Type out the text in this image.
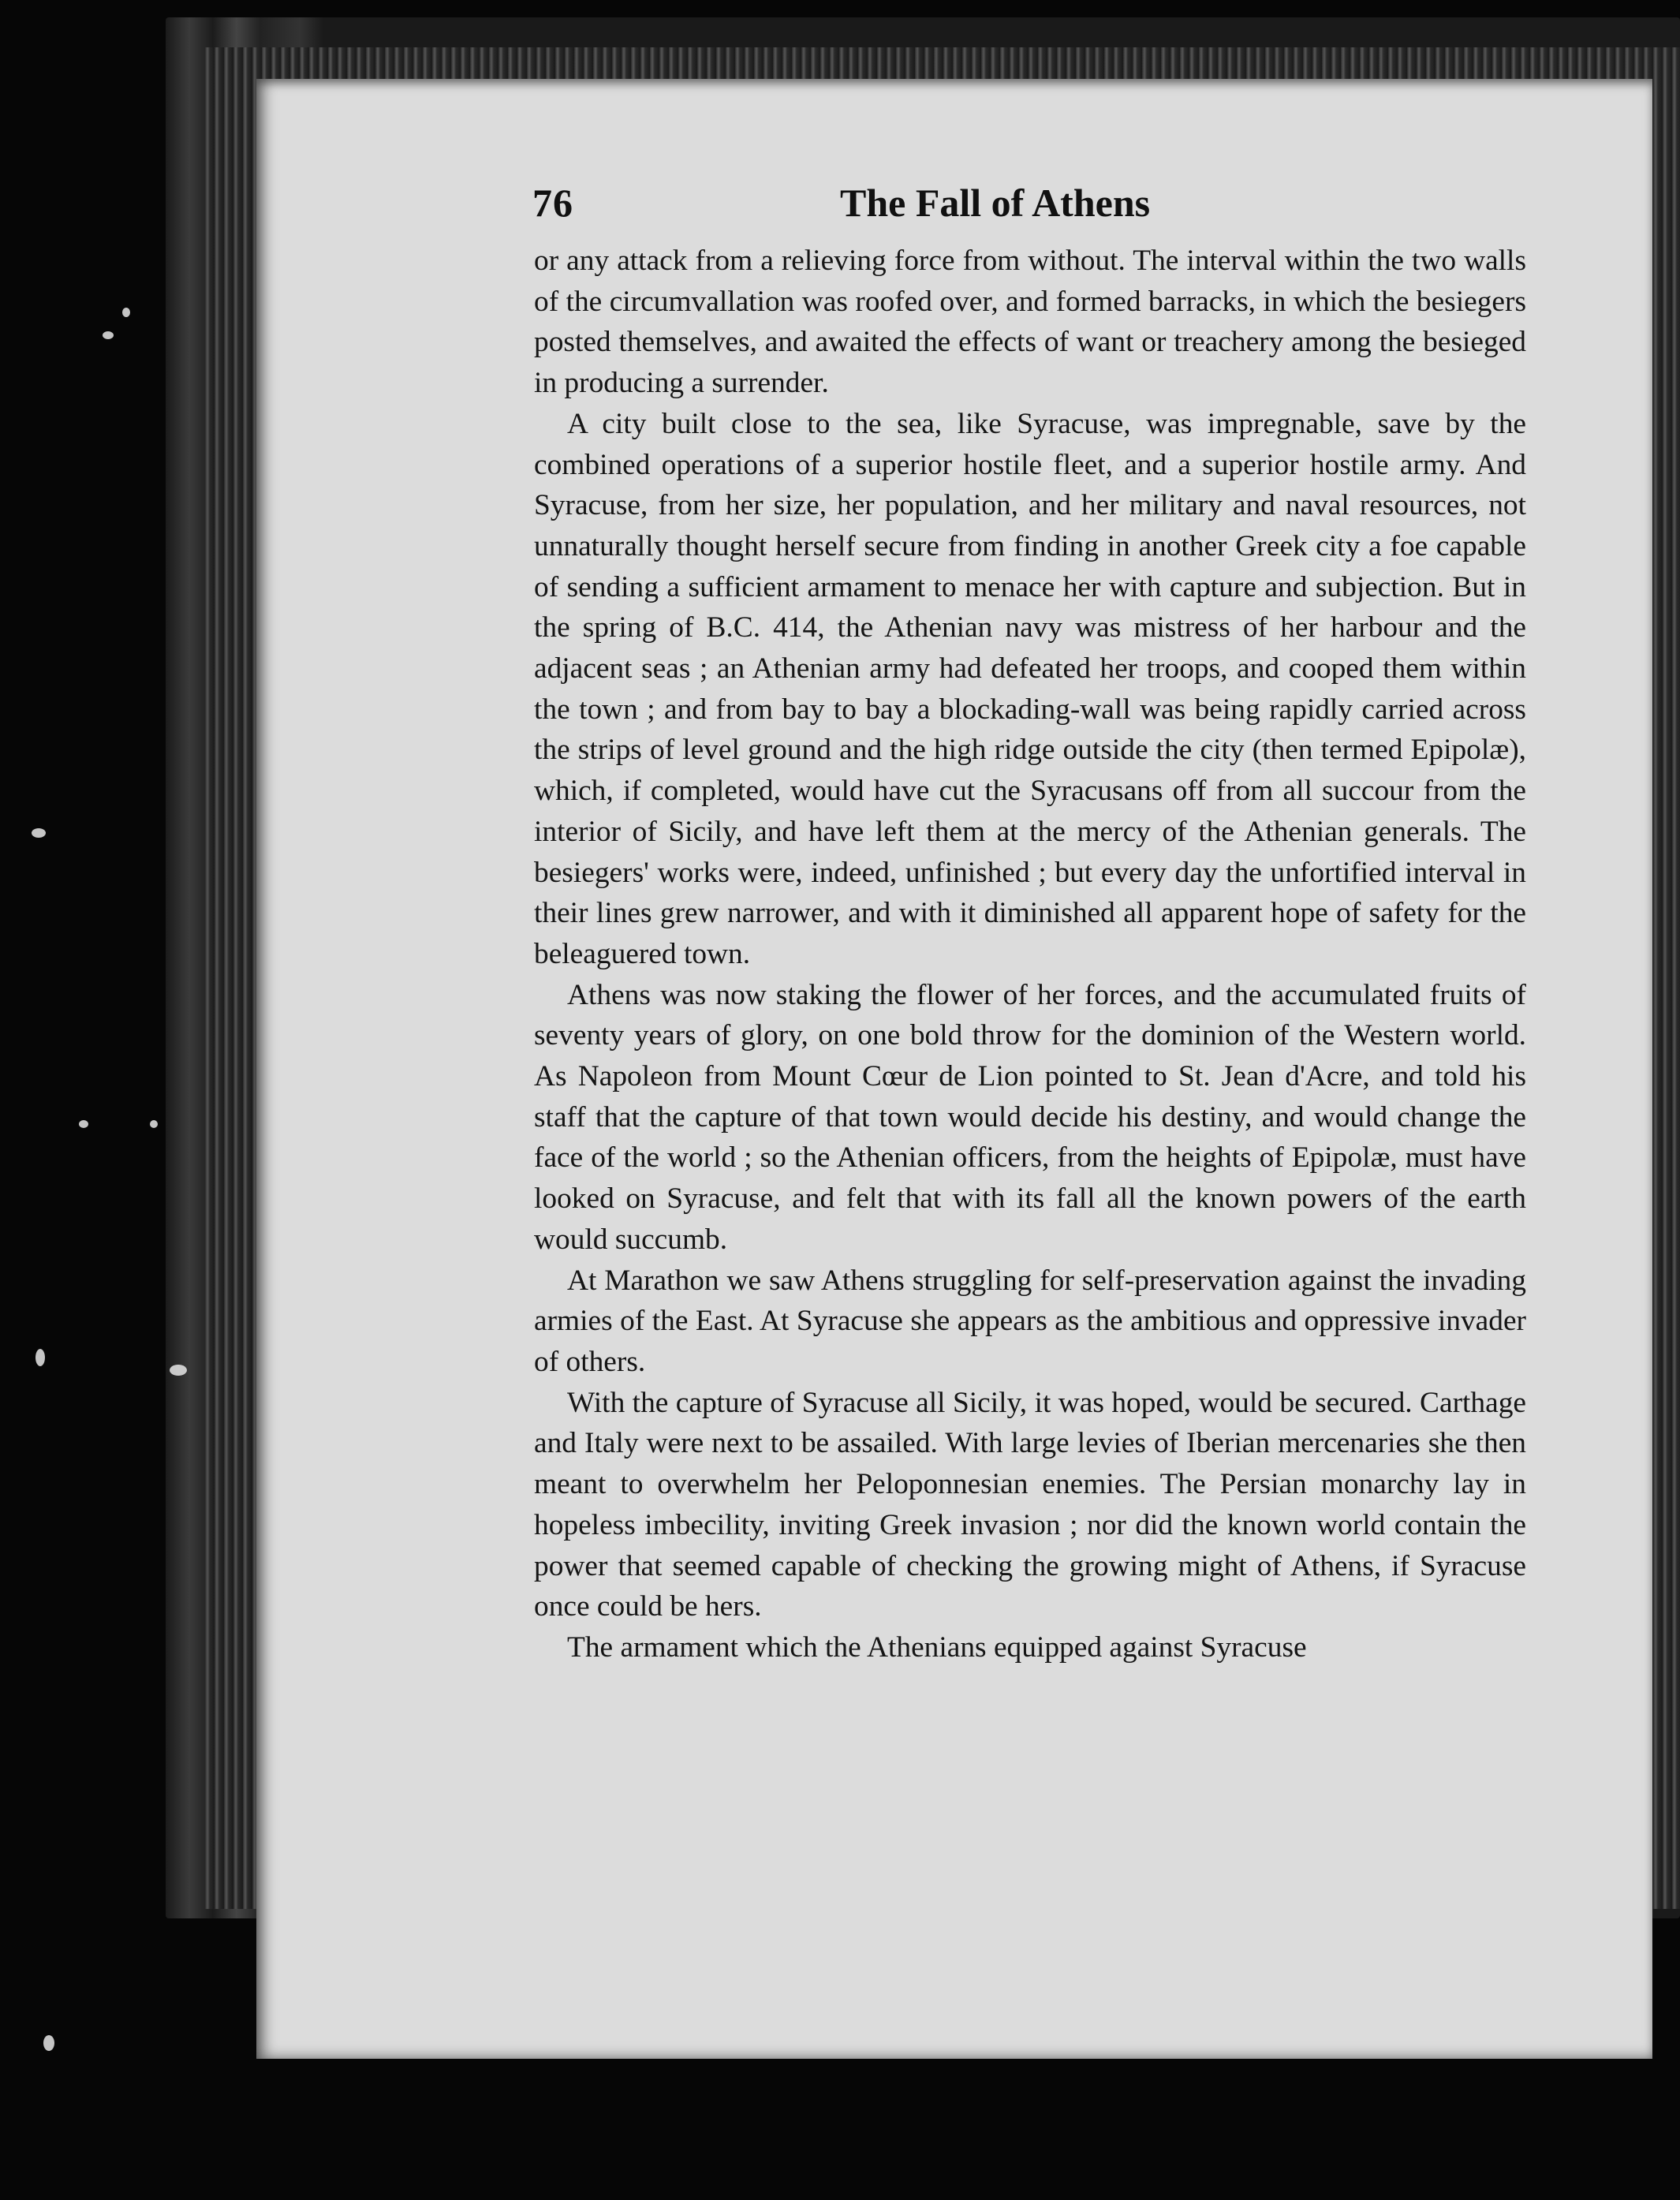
76	The Fall of Athens

or any attack from a relieving force from without. The interval within the two walls of the circumvallation was roofed over, and formed barracks, in which the besiegers posted themselves, and awaited the effects of want or treachery among the besieged in producing a surrender.

A city built close to the sea, like Syracuse, was impregnable, save by the combined operations of a superior hostile fleet, and a superior hostile army. And Syracuse, from her size, her population, and her military and naval resources, not unnaturally thought herself secure from finding in another Greek city a foe capable of sending a sufficient armament to menace her with capture and subjection. But in the spring of B.C. 414, the Athenian navy was mistress of her harbour and the adjacent seas ; an Athenian army had defeated her troops, and cooped them within the town ; and from bay to bay a blockading-wall was being rapidly carried across the strips of level ground and the high ridge outside the city (then termed Epipolæ), which, if completed, would have cut the Syracusans off from all succour from the interior of Sicily, and have left them at the mercy of the Athenian generals. The besiegers' works were, indeed, unfinished ; but every day the unfortified interval in their lines grew narrower, and with it diminished all apparent hope of safety for the beleaguered town.

Athens was now staking the flower of her forces, and the accumulated fruits of seventy years of glory, on one bold throw for the dominion of the Western world. As Napoleon from Mount Cœur de Lion pointed to St. Jean d'Acre, and told his staff that the capture of that town would decide his destiny, and would change the face of the world ; so the Athenian officers, from the heights of Epipolæ, must have looked on Syracuse, and felt that with its fall all the known powers of the earth would succumb.

At Marathon we saw Athens struggling for self-preservation against the invading armies of the East. At Syracuse she appears as the ambitious and oppressive invader of others.

With the capture of Syracuse all Sicily, it was hoped, would be secured. Carthage and Italy were next to be assailed. With large levies of Iberian mercenaries she then meant to overwhelm her Peloponnesian enemies. The Persian monarchy lay in hopeless imbecility, inviting Greek invasion ; nor did the known world contain the power that seemed capable of checking the growing might of Athens, if Syracuse once could be hers.

The armament which the Athenians equipped against Syracuse
